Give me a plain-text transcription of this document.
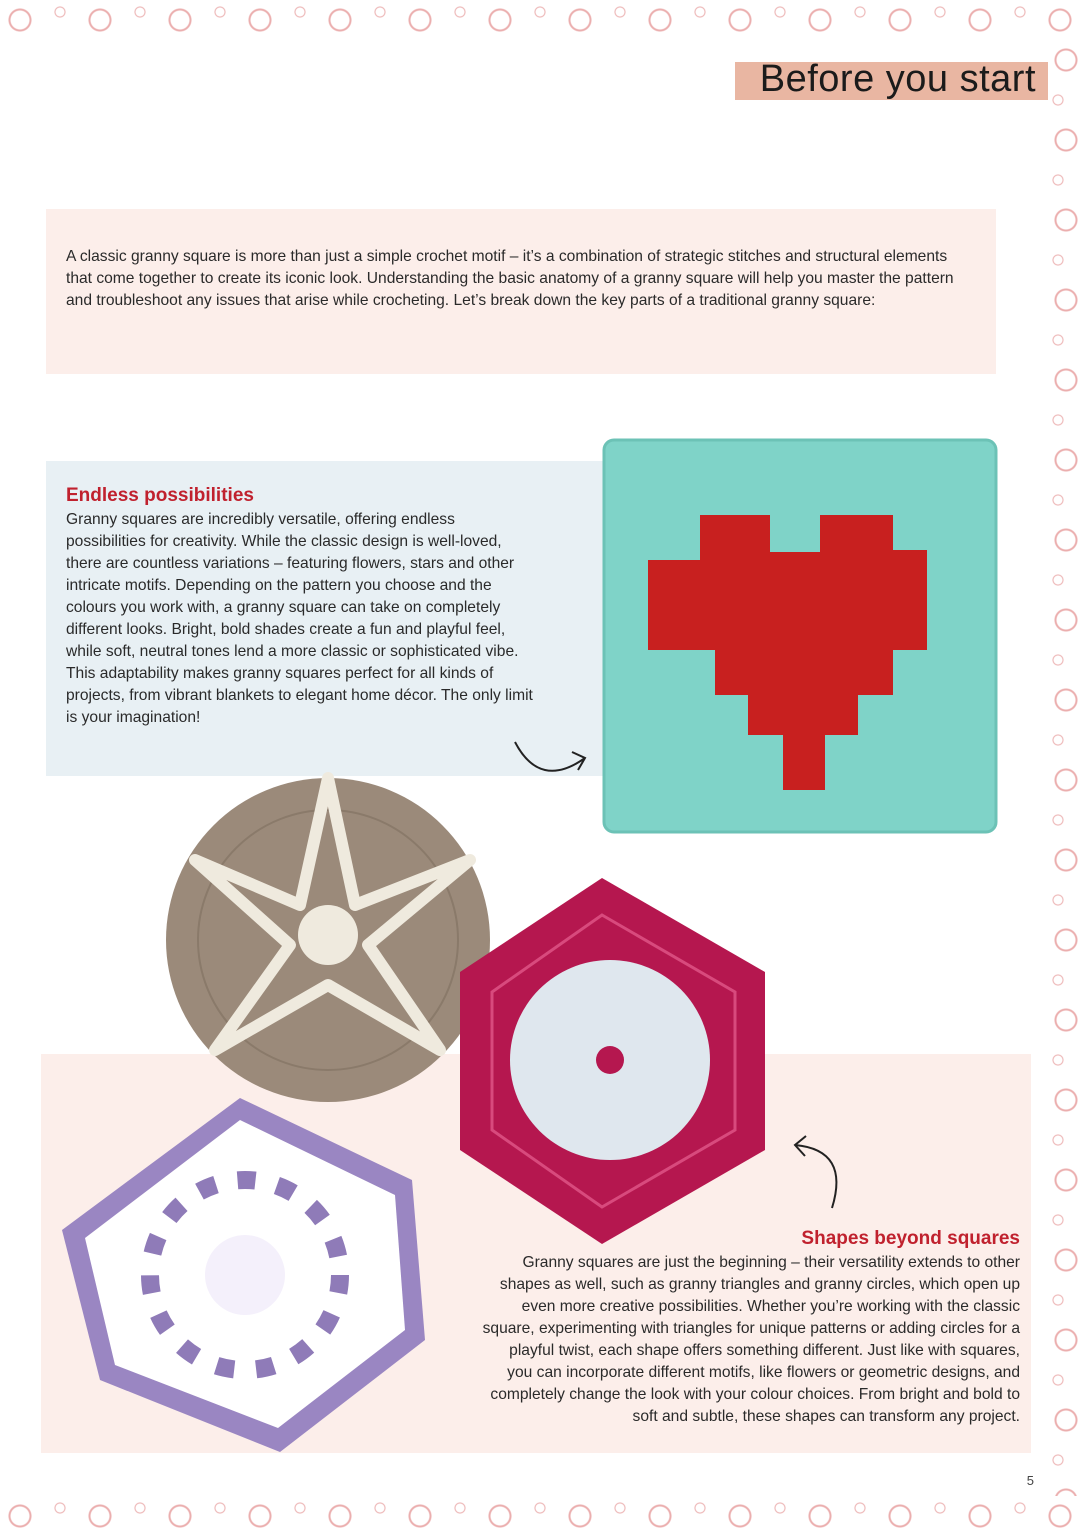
Before you start

A classic granny square is more than just a simple crochet motif – it’s a combination of strategic stitches and structural elements that come together to create its iconic look. Understanding the basic anatomy of a granny square will help you master the pattern and troubleshoot any issues that arise while crocheting. Let’s break down the key parts of a traditional granny square:

Endless possibilities

Granny squares are incredibly versatile, offering endless possibilities for creativity. While the classic design is well-loved, there are countless variations – featuring flowers, stars and other intricate motifs. Depending on the pattern you choose and the colours you work with, a granny square can take on completely different looks. Bright, bold shades create a fun and playful feel, while soft, neutral tones lend a more classic or sophisticated vibe. This adaptability makes granny squares perfect for all kinds of projects, from vibrant blankets to elegant home décor. The only limit is your imagination!

Shapes beyond squares

Granny squares are just the beginning – their versatility extends to other shapes as well, such as granny triangles and granny circles, which open up even more creative possibilities. Whether you’re working with the classic square, experimenting with triangles for unique patterns or adding circles for a playful twist, each shape offers something different. Just like with squares, you can incorporate different motifs, like flowers or geometric designs, and completely change the look with your colour choices. From bright and bold to soft and subtle, these shapes can transform any project.

5
